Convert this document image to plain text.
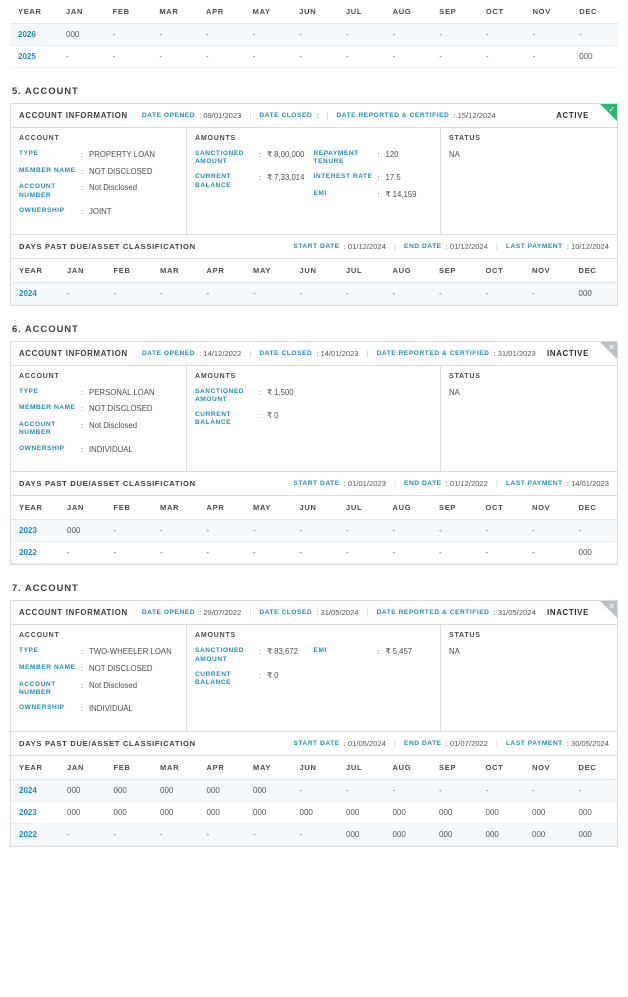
YEAR	JAN	FEB	MAR	APR	MAY	JUN	JUL	AUG	SEP	OCT	NOV	DEC
2026	000	-	-	-	-	-	-	-	-	-	-	-
2025	-	-	-	-	-	-	-	-	-	-	-	000
5. ACCOUNT
ACCOUNT INFORMATION DATE OPENED : 09/01/2023 | DATE CLOSED : | DATE REPORTED & CERTIFIED : 15/12/2024	ACTIVE
✓
ACCOUNT
TYPE	: PROPERTY LOAN
MEMBER NAME : NOT DISCLOSED
ACCOUNT NUMBER
: Not Disclosed
OWNERSHIP	: JOINT
AMOUNTS
SANCTIONED AMOUNT
: ₹ 8,00,000
CURRENT BALANCE
: ₹ 7,33,014
REPAYMENT TENURE
: 120
INTEREST RATE : 17.5
EMI	: ₹ 14,159
STATUS
NA
DAYS PAST DUE/ASSET CLASSIFICATION	START DATE : 01/12/2024 | END DATE : 01/12/2024 | LAST PAYMENT : 10/12/2024
YEAR	JAN	FEB	MAR	APR	MAY	JUN	JUL	AUG	SEP	OCT	NOV	DEC
2024	-	-	-	-	-	-	-	-	-	-	-	000
6. ACCOUNT
ACCOUNT INFORMATION DATE OPENED : 14/12/2022 | DATE CLOSED : 14/01/2023 | DATE REPORTED & CERTIFIED : 31/01/2023 INACTIVE
✕
ACCOUNT
TYPE	: PERSONAL LOAN
MEMBER NAME : NOT DISCLOSED
ACCOUNT NUMBER
: Not Disclosed
OWNERSHIP	: INDIVIDUAL
AMOUNTS
SANCTIONED AMOUNT
: ₹ 1,500
CURRENT BALANCE
: ₹ 0
STATUS
NA
DAYS PAST DUE/ASSET CLASSIFICATION	START DATE : 01/01/2023 | END DATE : 01/12/2022 | LAST PAYMENT : 14/01/2023
YEAR	JAN	FEB	MAR	APR	MAY	JUN	JUL	AUG	SEP	OCT	NOV	DEC
2023	000	-	-	-	-	-	-	-	-	-	-	-
2022	-	-	-	-	-	-	-	-	-	-	-	000
7. ACCOUNT
ACCOUNT INFORMATION DATE OPENED : 29/07/2022 | DATE CLOSED : 31/05/2024 | DATE REPORTED & CERTIFIED : 31/05/2024 INACTIVE
✕
ACCOUNT
TYPE	: TWO-WHEELER LOAN
MEMBER NAME : NOT DISCLOSED
ACCOUNT NUMBER
: Not Disclosed
OWNERSHIP	: INDIVIDUAL
AMOUNTS
SANCTIONED AMOUNT
: ₹ 83,672
CURRENT BALANCE
: ₹ 0
EMI	: ₹ 5,457
STATUS
NA
DAYS PAST DUE/ASSET CLASSIFICATION	START DATE : 01/05/2024 | END DATE : 01/07/2022 | LAST PAYMENT : 30/05/2024
YEAR	JAN	FEB	MAR	APR	MAY	JUN	JUL	AUG	SEP	OCT	NOV	DEC
2024	000	000	000	000	000	-	-	-	-	-	-	-
2023	000	000	000	000	000	000	000	000	000	000	000	000
2022	-	-	-	-	-	-	000	000	000	000	000	000
